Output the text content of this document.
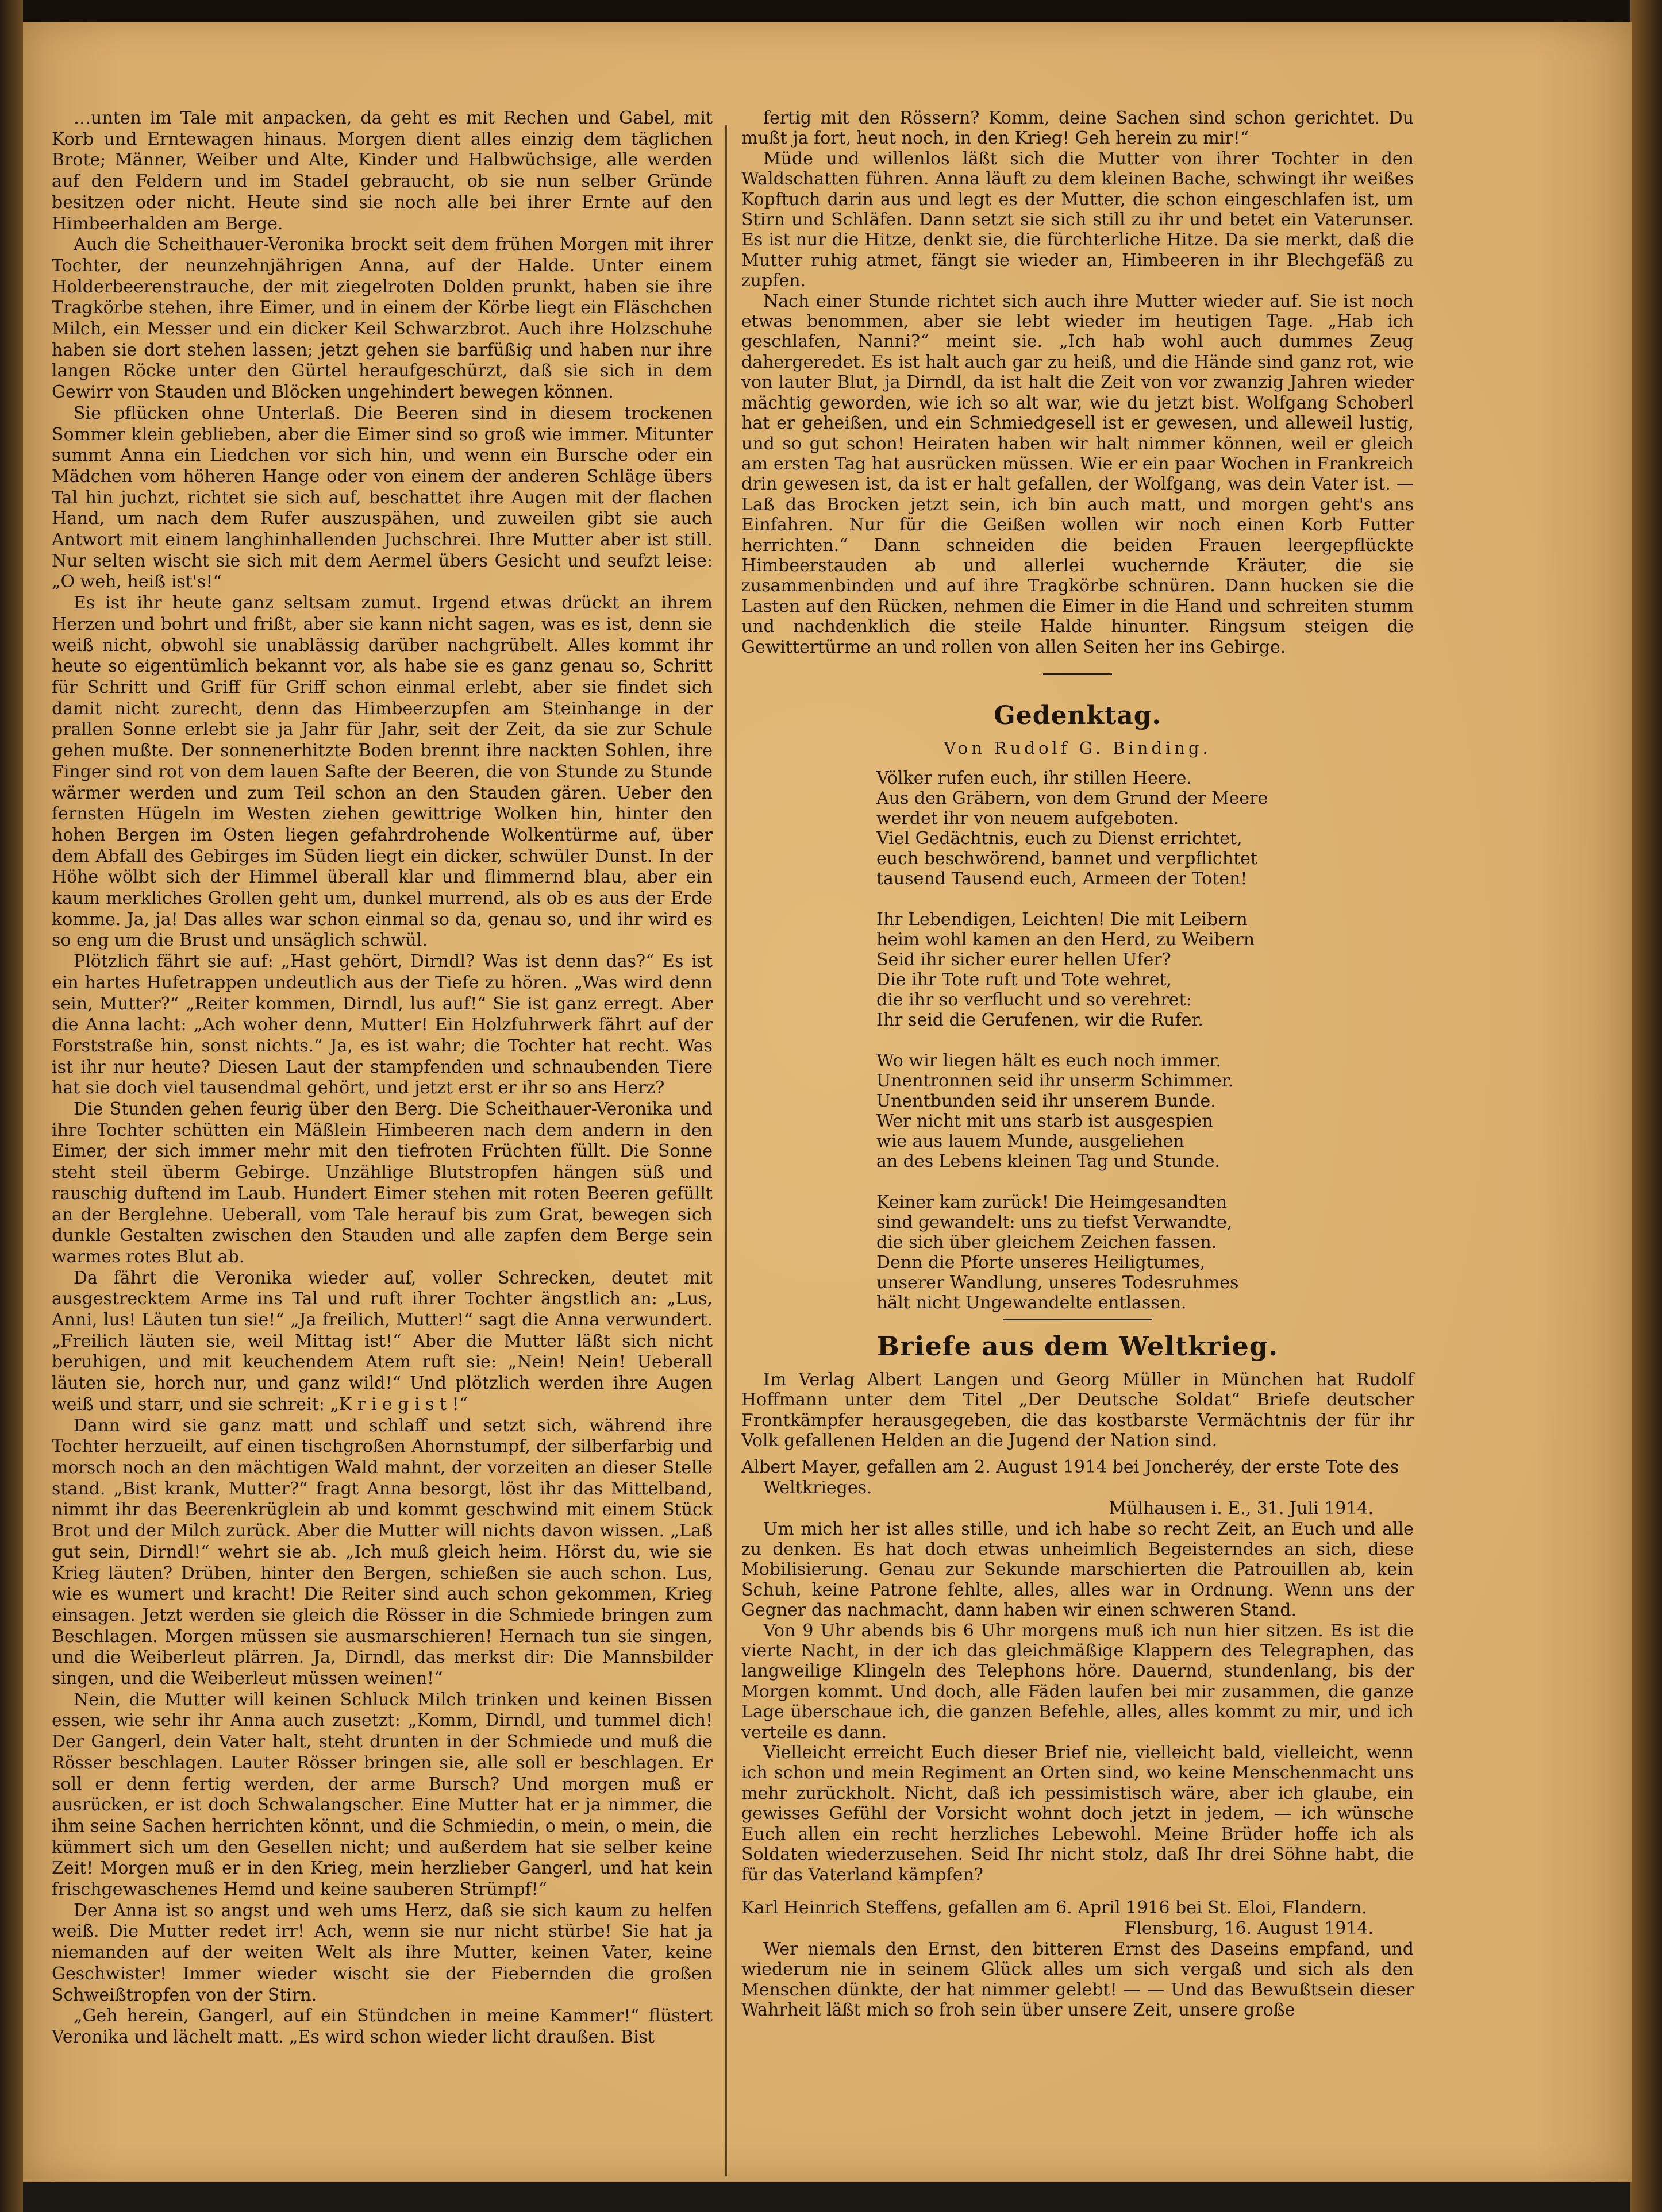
…unten im Tale mit anpacken, da geht es mit Rechen und Gabel, mit Korb und Erntewagen hinaus. Morgen dient alles einzig dem täglichen Brote; Männer, Weiber und Alte, Kinder und Halbwüchsige, alle werden auf den Feldern und im Stadel gebraucht, ob sie nun selber Gründe besitzen oder nicht. Heute sind sie noch alle bei ihrer Ernte auf den Himbeerhalden am Berge.

Auch die Scheithauer-Veronika brockt seit dem frühen Morgen mit ihrer Tochter, der neunzehnjährigen Anna, auf der Halde. Unter einem Holderbeerenstrauche, der mit ziegelroten Dolden prunkt, haben sie ihre Tragkörbe stehen, ihre Eimer, und in einem der Körbe liegt ein Fläschchen Milch, ein Messer und ein dicker Keil Schwarzbrot. Auch ihre Holzschuhe haben sie dort stehen lassen; jetzt gehen sie barfüßig und haben nur ihre langen Röcke unter den Gürtel heraufgeschürzt, daß sie sich in dem Gewirr von Stauden und Blöcken ungehindert bewegen können.

Sie pflücken ohne Unterlaß. Die Beeren sind in diesem trockenen Sommer klein geblieben, aber die Eimer sind so groß wie immer. Mitunter summt Anna ein Liedchen vor sich hin, und wenn ein Bursche oder ein Mädchen vom höheren Hange oder von einem der anderen Schläge übers Tal hin juchzt, richtet sie sich auf, beschattet ihre Augen mit der flachen Hand, um nach dem Rufer auszuspähen, und zuweilen gibt sie auch Antwort mit einem langhinhallenden Juchschrei. Ihre Mutter aber ist still. Nur selten wischt sie sich mit dem Aermel übers Gesicht und seufzt leise: „O weh, heiß ist's!“

Es ist ihr heute ganz seltsam zumut. Irgend etwas drückt an ihrem Herzen und bohrt und frißt, aber sie kann nicht sagen, was es ist, denn sie weiß nicht, obwohl sie unablässig darüber nachgrübelt. Alles kommt ihr heute so eigentümlich bekannt vor, als habe sie es ganz genau so, Schritt für Schritt und Griff für Griff schon einmal erlebt, aber sie findet sich damit nicht zurecht, denn das Himbeerzupfen am Steinhange in der prallen Sonne erlebt sie ja Jahr für Jahr, seit der Zeit, da sie zur Schule gehen mußte. Der sonnenerhitzte Boden brennt ihre nackten Sohlen, ihre Finger sind rot von dem lauen Safte der Beeren, die von Stunde zu Stunde wärmer werden und zum Teil schon an den Stauden gären. Ueber den fernsten Hügeln im Westen ziehen gewittrige Wolken hin, hinter den hohen Bergen im Osten liegen gefahrdrohende Wolkentürme auf, über dem Abfall des Gebirges im Süden liegt ein dicker, schwüler Dunst. In der Höhe wölbt sich der Himmel überall klar und flimmernd blau, aber ein kaum merkliches Grollen geht um, dunkel murrend, als ob es aus der Erde komme. Ja, ja! Das alles war schon einmal so da, genau so, und ihr wird es so eng um die Brust und unsäglich schwül.

Plötzlich fährt sie auf: „Hast gehört, Dirndl? Was ist denn das?“ Es ist ein hartes Hufetrappen undeutlich aus der Tiefe zu hören. „Was wird denn sein, Mutter?“ „Reiter kommen, Dirndl, lus auf!“ Sie ist ganz erregt. Aber die Anna lacht: „Ach woher denn, Mutter! Ein Holzfuhrwerk fährt auf der Forststraße hin, sonst nichts.“ Ja, es ist wahr; die Tochter hat recht. Was ist ihr nur heute? Diesen Laut der stampfenden und schnaubenden Tiere hat sie doch viel tausendmal gehört, und jetzt erst er ihr so ans Herz?

Die Stunden gehen feurig über den Berg. Die Scheithauer-Veronika und ihre Tochter schütten ein Mäßlein Himbeeren nach dem andern in den Eimer, der sich immer mehr mit den tiefroten Früchten füllt. Die Sonne steht steil überm Gebirge. Unzählige Blutstropfen hängen süß und rauschig duftend im Laub. Hundert Eimer stehen mit roten Beeren gefüllt an der Berglehne. Ueberall, vom Tale herauf bis zum Grat, bewegen sich dunkle Gestalten zwischen den Stauden und alle zapfen dem Berge sein warmes rotes Blut ab.

Da fährt die Veronika wieder auf, voller Schrecken, deutet mit ausgestrecktem Arme ins Tal und ruft ihrer Tochter ängstlich an: „Lus, Anni, lus! Läuten tun sie!“ „Ja freilich, Mutter!“ sagt die Anna verwundert. „Freilich läuten sie, weil Mittag ist!“ Aber die Mutter läßt sich nicht beruhigen, und mit keuchendem Atem ruft sie: „Nein! Nein! Ueberall läuten sie, horch nur, und ganz wild!“ Und plötzlich werden ihre Augen weiß und starr, und sie schreit: „K r i e g i s t !“

Dann wird sie ganz matt und schlaff und setzt sich, während ihre Tochter herzueilt, auf einen tischgroßen Ahornstumpf, der silberfarbig und morsch noch an den mächtigen Wald mahnt, der vorzeiten an dieser Stelle stand. „Bist krank, Mutter?“ fragt Anna besorgt, löst ihr das Mittelband, nimmt ihr das Beerenkrüglein ab und kommt geschwind mit einem Stück Brot und der Milch zurück. Aber die Mutter will nichts davon wissen. „Laß gut sein, Dirndl!“ wehrt sie ab. „Ich muß gleich heim. Hörst du, wie sie Krieg läuten? Drüben, hinter den Bergen, schießen sie auch schon. Lus, wie es wumert und kracht! Die Reiter sind auch schon gekommen, Krieg einsagen. Jetzt werden sie gleich die Rösser in die Schmiede bringen zum Beschlagen. Morgen müssen sie ausmarschieren! Hernach tun sie singen, und die Weiberleut plärren. Ja, Dirndl, das merkst dir: Die Mannsbilder singen, und die Weiberleut müssen weinen!“

Nein, die Mutter will keinen Schluck Milch trinken und keinen Bissen essen, wie sehr ihr Anna auch zusetzt: „Komm, Dirndl, und tummel dich! Der Gangerl, dein Vater halt, steht drunten in der Schmiede und muß die Rösser beschlagen. Lauter Rösser bringen sie, alle soll er beschlagen. Er soll er denn fertig werden, der arme Bursch? Und morgen muß er ausrücken, er ist doch Schwalangscher. Eine Mutter hat er ja nimmer, die ihm seine Sachen herrichten könnt, und die Schmiedin, o mein, o mein, die kümmert sich um den Gesellen nicht; und außerdem hat sie selber keine Zeit! Morgen muß er in den Krieg, mein herzlieber Gangerl, und hat kein frischgewaschenes Hemd und keine sauberen Strümpf!“

Der Anna ist so angst und weh ums Herz, daß sie sich kaum zu helfen weiß. Die Mutter redet irr! Ach, wenn sie nur nicht stürbe! Sie hat ja niemanden auf der weiten Welt als ihre Mutter, keinen Vater, keine Geschwister! Immer wieder wischt sie der Fiebernden die großen Schweißtropfen von der Stirn.

„Geh herein, Gangerl, auf ein Stündchen in meine Kammer!“ flüstert Veronika und lächelt matt. „Es wird schon wieder licht draußen. Bist

fertig mit den Rössern? Komm, deine Sachen sind schon gerichtet. Du mußt ja fort, heut noch, in den Krieg! Geh herein zu mir!“

Müde und willenlos läßt sich die Mutter von ihrer Tochter in den Waldschatten führen. Anna läuft zu dem kleinen Bache, schwingt ihr weißes Kopftuch darin aus und legt es der Mutter, die schon eingeschlafen ist, um Stirn und Schläfen. Dann setzt sie sich still zu ihr und betet ein Vaterunser. Es ist nur die Hitze, denkt sie, die fürchterliche Hitze. Da sie merkt, daß die Mutter ruhig atmet, fängt sie wieder an, Himbeeren in ihr Blechgefäß zu zupfen.

Nach einer Stunde richtet sich auch ihre Mutter wieder auf. Sie ist noch etwas benommen, aber sie lebt wieder im heutigen Tage. „Hab ich geschlafen, Nanni?“ meint sie. „Ich hab wohl auch dummes Zeug dahergeredet. Es ist halt auch gar zu heiß, und die Hände sind ganz rot, wie von lauter Blut, ja Dirndl, da ist halt die Zeit von vor zwanzig Jahren wieder mächtig geworden, wie ich so alt war, wie du jetzt bist. Wolfgang Schoberl hat er geheißen, und ein Schmiedgesell ist er gewesen, und alleweil lustig, und so gut schon! Heiraten haben wir halt nimmer können, weil er gleich am ersten Tag hat ausrücken müssen. Wie er ein paar Wochen in Frankreich drin gewesen ist, da ist er halt gefallen, der Wolfgang, was dein Vater ist. — Laß das Brocken jetzt sein, ich bin auch matt, und morgen geht's ans Einfahren. Nur für die Geißen wollen wir noch einen Korb Futter herrichten.“ Dann schneiden die beiden Frauen leergepflückte Himbeerstauden ab und allerlei wuchernde Kräuter, die sie zusammenbinden und auf ihre Tragkörbe schnüren. Dann hucken sie die Lasten auf den Rücken, nehmen die Eimer in die Hand und schreiten stumm und nachdenklich die steile Halde hinunter. Ringsum steigen die Gewittertürme an und rollen von allen Seiten her ins Gebirge.

Gedenktag.
Von Rudolf G. Binding.
Völker rufen euch, ihr stillen Heere.
Aus den Gräbern, von dem Grund der Meere
werdet ihr von neuem aufgeboten.
Viel Gedächtnis, euch zu Dienst errichtet,
euch beschwörend, bannet und verpflichtet
tausend Tausend euch, Armeen der Toten!
Ihr Lebendigen, Leichten! Die mit Leibern
heim wohl kamen an den Herd, zu Weibern
Seid ihr sicher eurer hellen Ufer?
Die ihr Tote ruft und Tote wehret,
die ihr so verflucht und so verehret:
Ihr seid die Gerufenen, wir die Rufer.
Wo wir liegen hält es euch noch immer.
Unentronnen seid ihr unserm Schimmer.
Unentbunden seid ihr unserem Bunde.
Wer nicht mit uns starb ist ausgespien
wie aus lauem Munde, ausgeliehen
an des Lebens kleinen Tag und Stunde.
Keiner kam zurück! Die Heimgesandten
sind gewandelt: uns zu tiefst Verwandte,
die sich über gleichem Zeichen fassen.
Denn die Pforte unseres Heiligtumes,
unserer Wandlung, unseres Todesruhmes
hält nicht Ungewandelte entlassen.
Briefe aus dem Weltkrieg.

Im Verlag Albert Langen und Georg Müller in München hat Rudolf Hoffmann unter dem Titel „Der Deutsche Soldat“ Briefe deutscher Frontkämpfer herausgegeben, die das kostbarste Vermächtnis der für ihr Volk gefallenen Helden an die Jugend der Nation sind.

Albert Mayer, gefallen am 2. August 1914 bei Joncheréy, der erste Tote des Weltkrieges.

Mülhausen i. E., 31. Juli 1914.

Um mich her ist alles stille, und ich habe so recht Zeit, an Euch und alle zu denken. Es hat doch etwas unheimlich Begeisterndes an sich, diese Mobilisierung. Genau zur Sekunde marschierten die Patrouillen ab, kein Schuh, keine Patrone fehlte, alles, alles war in Ordnung. Wenn uns der Gegner das nachmacht, dann haben wir einen schweren Stand.

Von 9 Uhr abends bis 6 Uhr morgens muß ich nun hier sitzen. Es ist die vierte Nacht, in der ich das gleichmäßige Klappern des Telegraphen, das langweilige Klingeln des Telephons höre. Dauernd, stundenlang, bis der Morgen kommt. Und doch, alle Fäden laufen bei mir zusammen, die ganze Lage überschaue ich, die ganzen Befehle, alles, alles kommt zu mir, und ich verteile es dann.

Vielleicht erreicht Euch dieser Brief nie, vielleicht bald, vielleicht, wenn ich schon und mein Regiment an Orten sind, wo keine Menschenmacht uns mehr zurückholt. Nicht, daß ich pessimistisch wäre, aber ich glaube, ein gewisses Gefühl der Vorsicht wohnt doch jetzt in jedem, — ich wünsche Euch allen ein recht herzliches Lebewohl. Meine Brüder hoffe ich als Soldaten wiederzusehen. Seid Ihr nicht stolz, daß Ihr drei Söhne habt, die für das Vaterland kämpfen?

Karl Heinrich Steffens, gefallen am 6. April 1916 bei St. Eloi, Flandern.

Flensburg, 16. August 1914.

Wer niemals den Ernst, den bitteren Ernst des Daseins empfand, und wiederum nie in seinem Glück alles um sich vergaß und sich als den Menschen dünkte, der hat nimmer gelebt! — — Und das Bewußtsein dieser Wahrheit läßt mich so froh sein über unsere Zeit, unsere große
